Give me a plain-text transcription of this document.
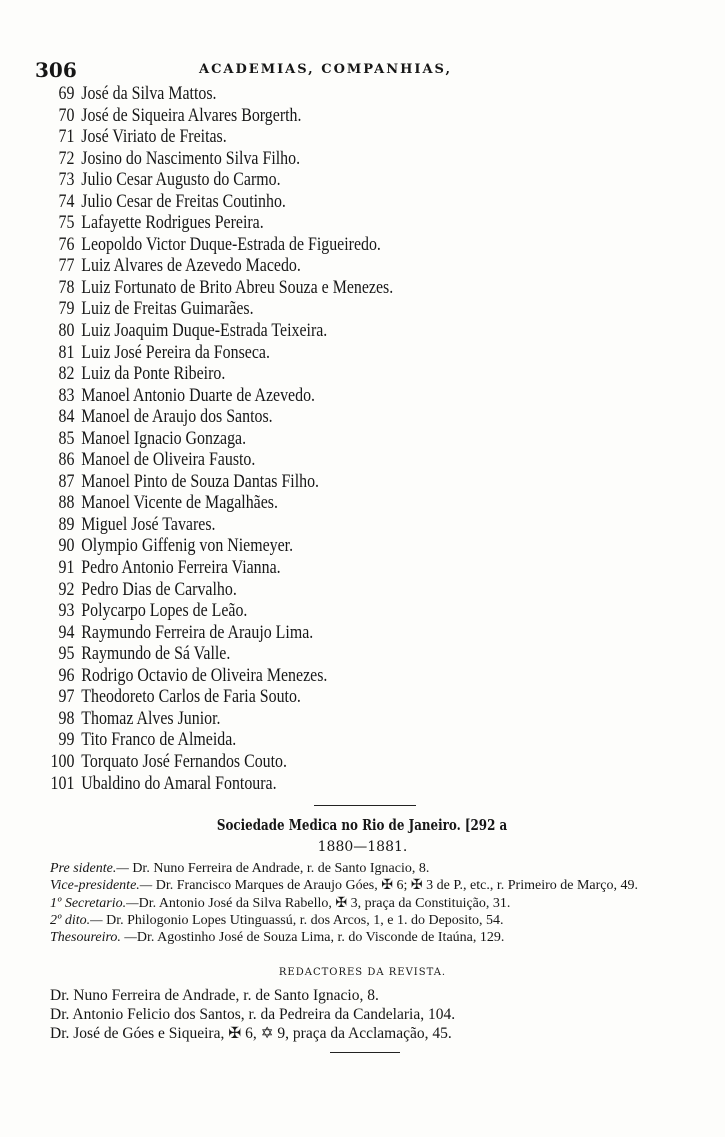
306	ACADEMIAS, COMPANHIAS,
69 José da Silva Mattos.
70 José de Siqueira Alvares Borgerth.
71 José Viriato de Freitas.
72 Josino do Nascimento Silva Filho.
73 Julio Cesar Augusto do Carmo.
74 Julio Cesar de Freitas Coutinho.
75 Lafayette Rodrigues Pereira.
76 Leopoldo Victor Duque-Estrada de Figueiredo.
77 Luiz Alvares de Azevedo Macedo.
78 Luiz Fortunato de Brito Abreu Souza e Menezes.
79 Luiz de Freitas Guimarães.
80 Luiz Joaquim Duque-Estrada Teixeira.
81 Luiz José Pereira da Fonseca.
82 Luiz da Ponte Ribeiro.
83 Manoel Antonio Duarte de Azevedo.
84 Manoel de Araujo dos Santos.
85 Manoel Ignacio Gonzaga.
86 Manoel de Oliveira Fausto.
87 Manoel Pinto de Souza Dantas Filho.
88 Manoel Vicente de Magalhães.
89 Miguel José Tavares.
90 Olympio Giffenig von Niemeyer.
91 Pedro Antonio Ferreira Vianna.
92 Pedro Dias de Carvalho.
93 Polycarpo Lopes de Leão.
94 Raymundo Ferreira de Araujo Lima.
95 Raymundo de Sá Valle.
96 Rodrigo Octavio de Oliveira Menezes.
97 Theodoreto Carlos de Faria Souto.
98 Thomaz Alves Junior.
99 Tito Franco de Almeida.
100 Torquato José Fernandos Couto.
101 Ubaldino do Amaral Fontoura.
Sociedade Medica no Rio de Janeiro. [292 a
1880—1881.

Pre sidente.— Dr. Nuno Ferreira de Andrade, r. de Santo Ignacio, 8.

Vice-presidente.— Dr. Francisco Marques de Araujo Góes, ✠ 6; ✠ 3 de P., etc., r. Primeiro de Março, 49.

1º Secretario.—Dr. Antonio José da Silva Rabello, ✠ 3, praça da Constituição, 31.

2º dito.— Dr. Philogonio Lopes Utinguassú, r. dos Arcos, 1, e 1. do Deposito, 54.

Thesoureiro. —Dr. Agostinho José de Souza Lima, r. do Visconde de Itaúna, 129.

REDACTORES DA REVISTA.

Dr. Nuno Ferreira de Andrade, r. de Santo Ignacio, 8.

Dr. Antonio Felicio dos Santos, r. da Pedreira da Candelaria, 104.

Dr. José de Góes e Siqueira, ✠ 6, ✡ 9, praça da Acclamação, 45.
